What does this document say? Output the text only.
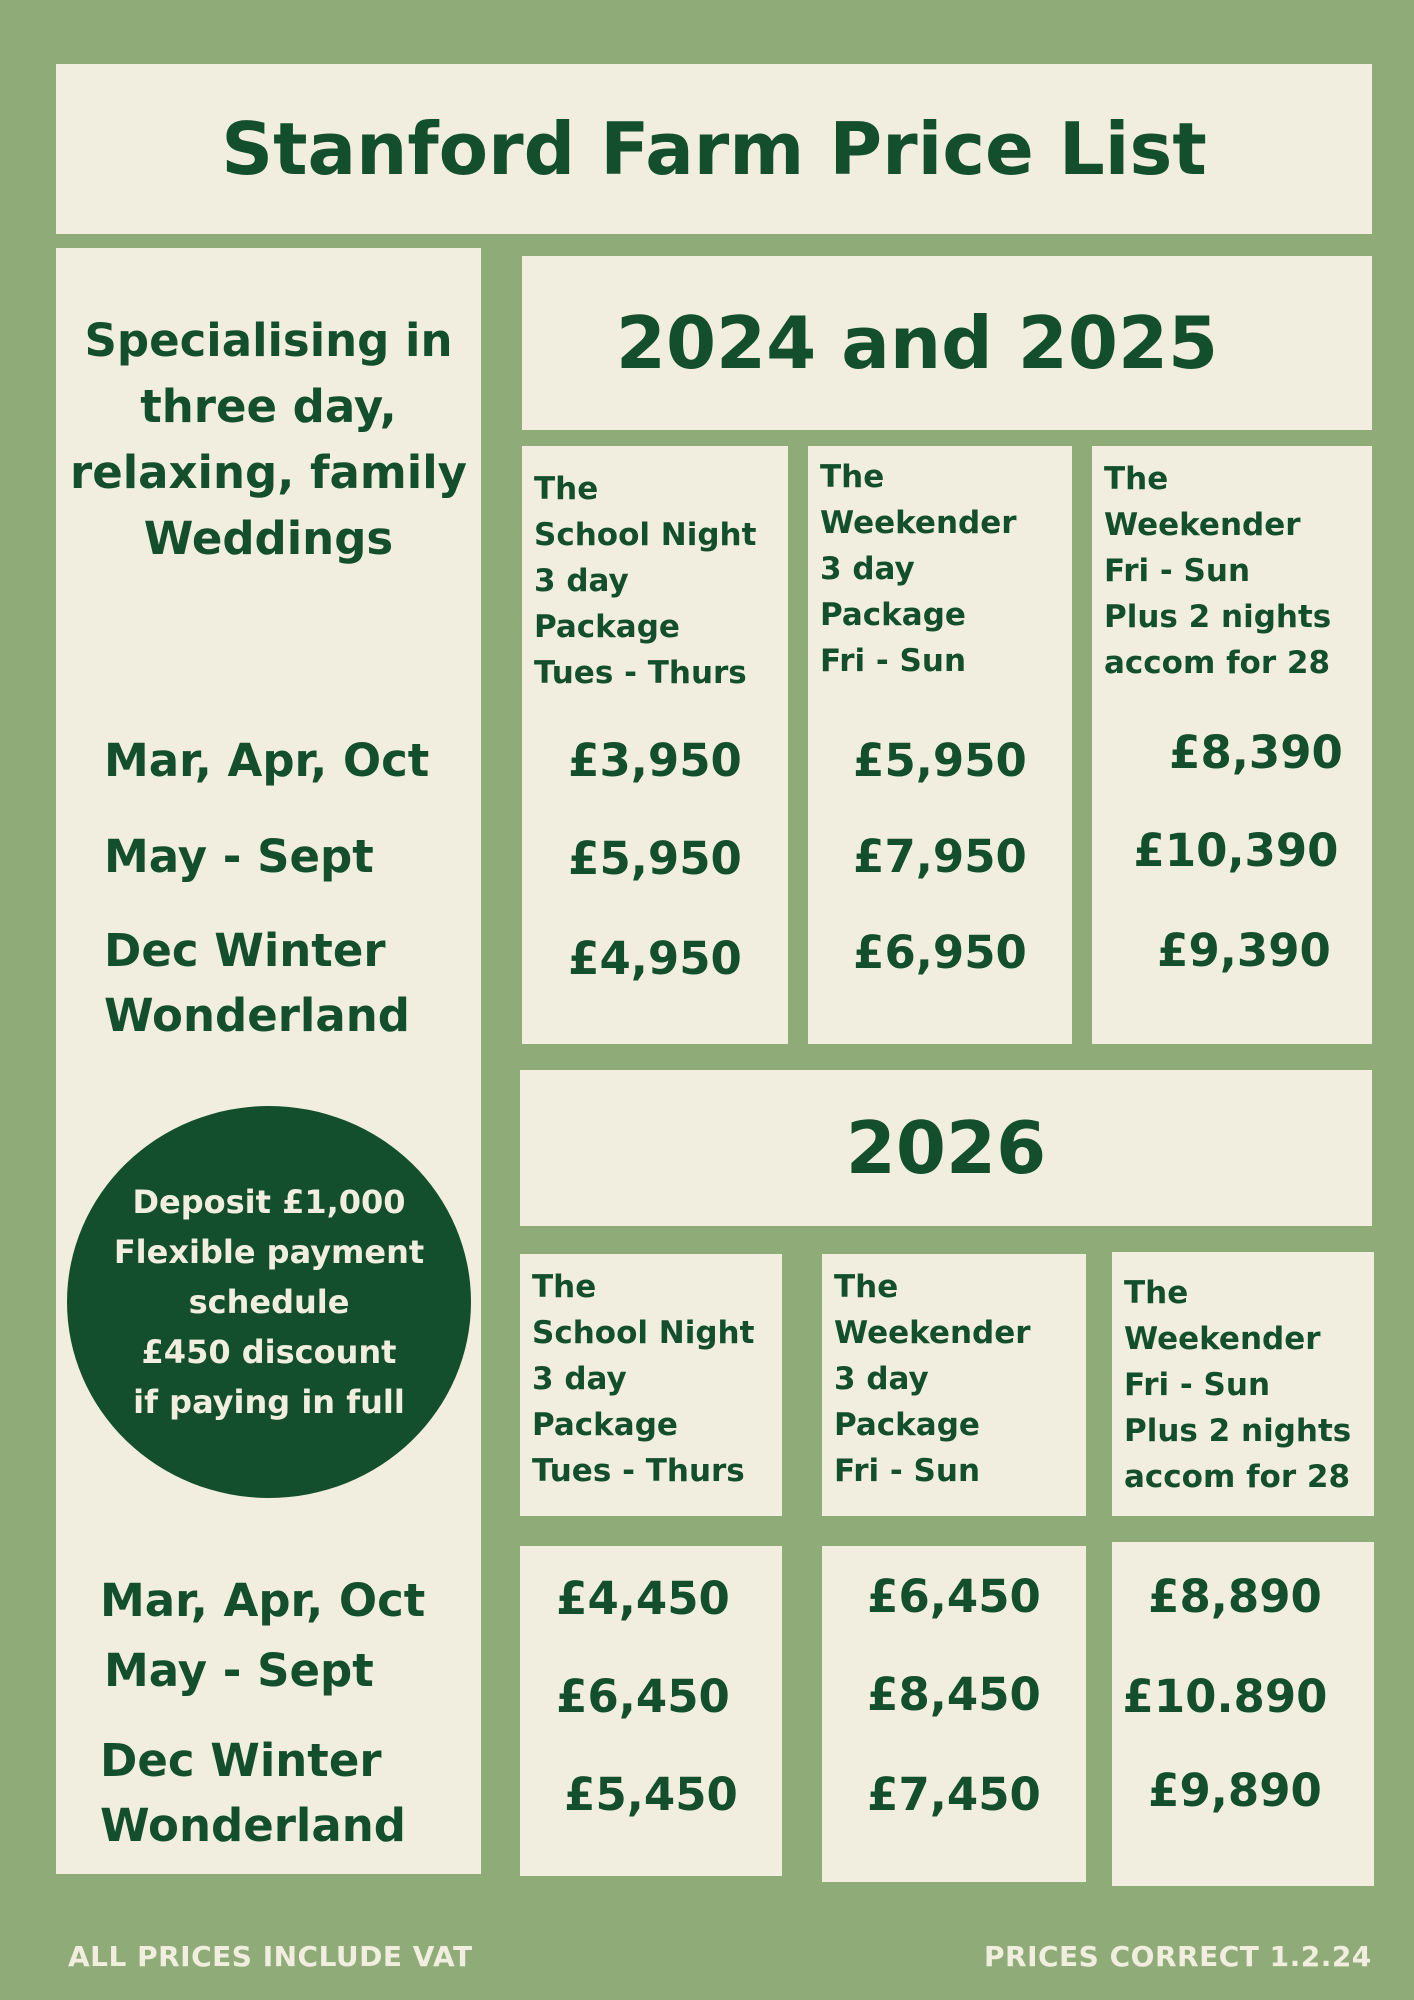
Stanford Farm Price List
Specialising in
three day,
relaxing, family
Weddings
Mar, Apr, Oct
May - Sept
Dec Winter
Wonderland
Deposit £1,000
Flexible payment
schedule
£450 discount
if paying in full
Mar, Apr, Oct
May - Sept
Dec Winter
Wonderland
2024 and 2025
The
School Night
3 day
Package
Tues - Thurs
£3,950
£5,950
£4,950
The
Weekender
3 day
Package
Fri - Sun
£5,950
£7,950
£6,950
The
Weekender
Fri - Sun
Plus 2 nights
accom for 28
£8,390
£10,390
£9,390
2026
The
School Night
3 day
Package
Tues - Thurs
The
Weekender
3 day
Package
Fri - Sun
The
Weekender
Fri - Sun
Plus 2 nights
accom for 28
£4,450
£6,450
£5,450
£6,450
£8,450
£7,450
£8,890
£10.890
£9,890
ALL PRICES INCLUDE VAT	PRICES CORRECT 1.2.24
